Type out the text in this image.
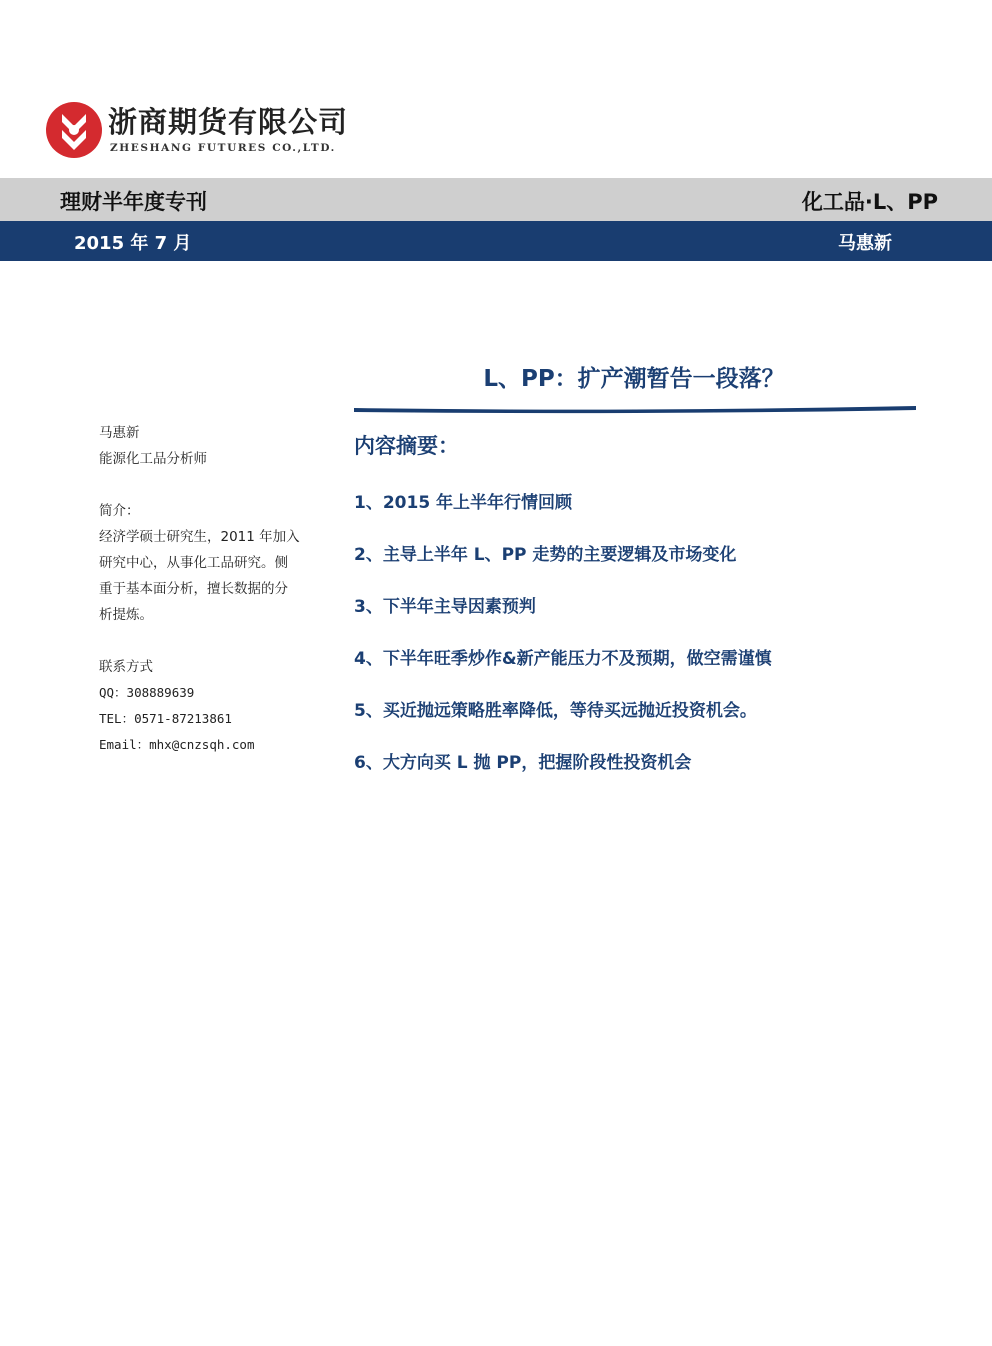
浙商期货有限公司
ZHESHANG FUTURES CO.,LTD.
理财半年度专刊	化工品·L、PP
2015 年 7 月	马惠新
L、PP：扩产潮暂告一段落？
马惠新
能源化工品分析师
简介：
经济学硕士研究生，2011 年加入
研究中心，从事化工品研究。侧
重于基本面分析，擅长数据的分
析提炼。
联系方式
QQ：308889639
TEL：0571-87213861
Email：mhx@cnzsqh.com
内容摘要：
1、2015 年上半年行情回顾
2、主导上半年 L、PP 走势的主要逻辑及市场变化
3、下半年主导因素预判
4、下半年旺季炒作&新产能压力不及预期，做空需谨慎
5、买近抛远策略胜率降低，等待买远抛近投资机会。
6、大方向买 L 抛 PP，把握阶段性投资机会
